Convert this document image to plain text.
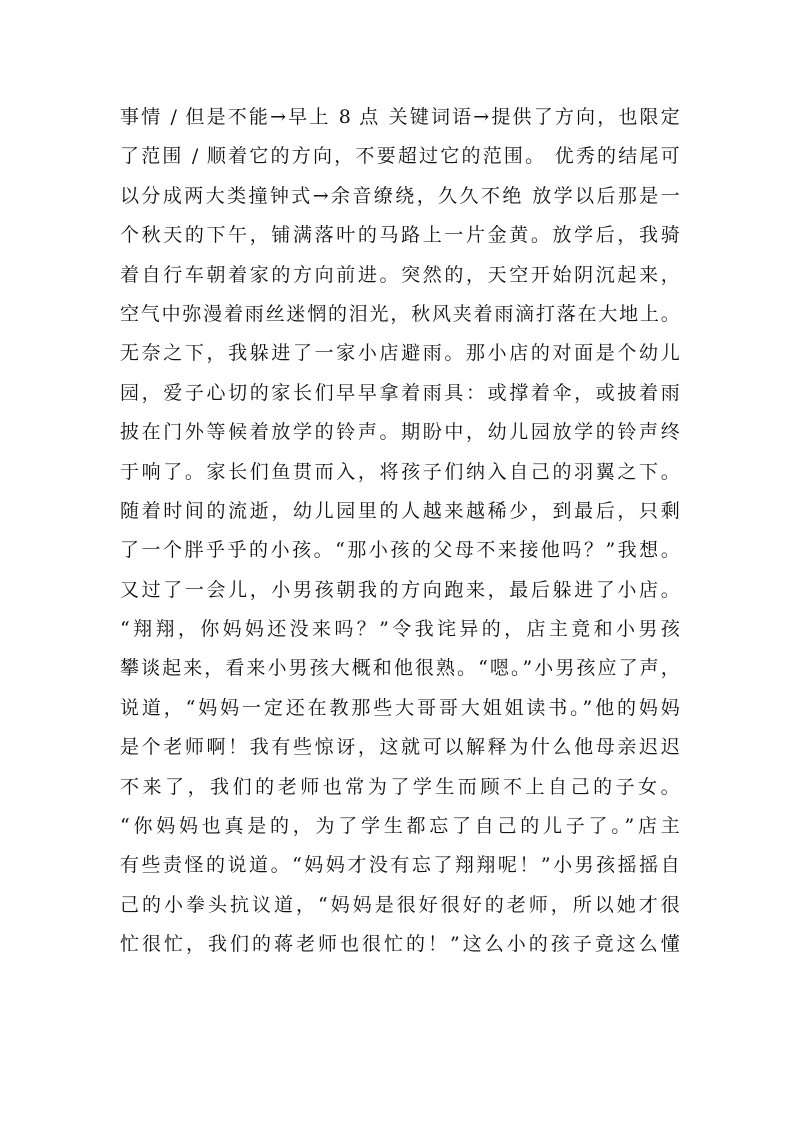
事情 / 但是不能→早上 8 点 关键词语→提供了方向，也限定
了范围 / 顺着它的方向，不要超过它的范围。 优秀的结尾可
以分成两大类撞钟式→余音缭绕，久久不绝 放学以后那是一
个秋天的下午，铺满落叶的马路上一片金黄。放学后，我骑
着自行车朝着家的方向前进。突然的，天空开始阴沉起来，
空气中弥漫着雨丝迷惘的泪光，秋风夹着雨滴打落在大地上。
无奈之下，我躲进了一家小店避雨。那小店的对面是个幼儿
园，爱子心切的家长们早早拿着雨具：或撑着伞，或披着雨
披在门外等候着放学的铃声。期盼中，幼儿园放学的铃声终
于响了。家长们鱼贯而入，将孩子们纳入自己的羽翼之下。
随着时间的流逝，幼儿园里的人越来越稀少，到最后，只剩
了一个胖乎乎的小孩。“那小孩的父母不来接他吗？”我想。
又过了一会儿，小男孩朝我的方向跑来，最后躲进了小店。
“翔翔，你妈妈还没来吗？”令我诧异的，店主竟和小男孩
攀谈起来，看来小男孩大概和他很熟。“嗯。”小男孩应了声，
说道，“妈妈一定还在教那些大哥哥大姐姐读书。”他的妈妈
是个老师啊！我有些惊讶，这就可以解释为什么他母亲迟迟
不来了，我们的老师也常为了学生而顾不上自己的子女。
“你妈妈也真是的，为了学生都忘了自己的儿子了。”店主
有些责怪的说道。“妈妈才没有忘了翔翔呢！”小男孩摇摇自
己的小拳头抗议道，“妈妈是很好很好的老师，所以她才很
忙很忙，我们的蒋老师也很忙的！”这么小的孩子竟这么懂
